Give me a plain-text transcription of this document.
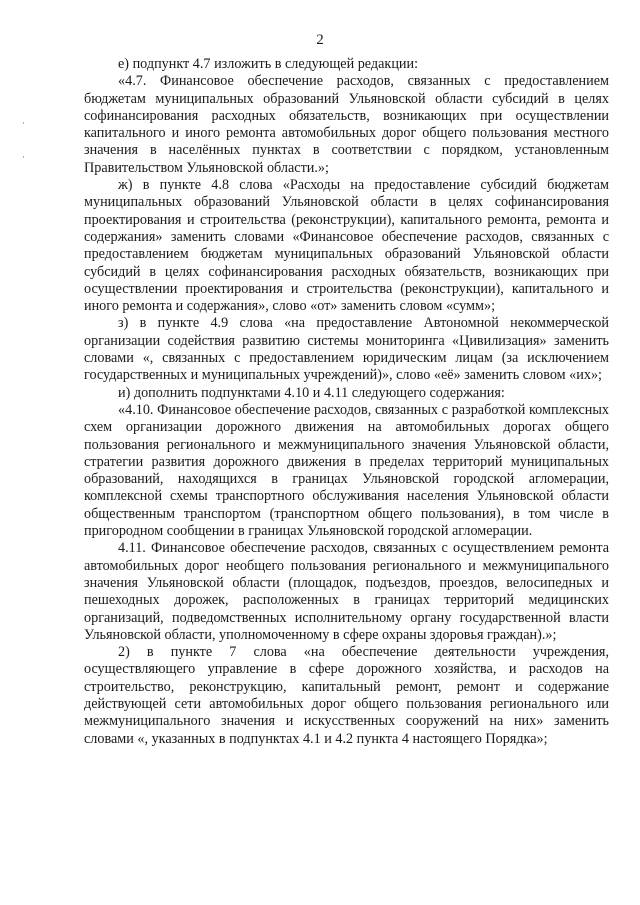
2
·
·

е) подпункт 4.7 изложить в следующей редакции:

«4.7. Финансовое обеспечение расходов, связанных с предоставлением бюджетам муниципальных образований Ульяновской области субсидий в целях софинансирования расходных обязательств, возникающих при осуществлении капитального и иного ремонта автомобильных дорог общего пользования местного значения в населённых пунктах в соответствии с порядком, установленным Правительством Ульяновской области.»;

ж) в пункте 4.8 слова «Расходы на предоставление субсидий бюджетам муниципальных образований Ульяновской области в целях софинансирования проектирования и строительства (реконструкции), капитального ремонта, ремонта и содержания» заменить словами «Финансовое обеспечение расходов, связанных с предоставлением бюджетам муниципальных образований Ульяновской области субсидий в целях софинансирования расходных обязательств, возникающих при осуществлении проектирования и строительства (реконструкции), капитального и иного ремонта и содержания», слово «от» заменить словом «сумм»;

з) в пункте 4.9 слова «на предоставление Автономной некоммерческой организации содействия развитию системы мониторинга «Цивилизация» заменить словами «, связанных с предоставлением юридическим лицам (за исключением государственных и муниципальных учреждений)», слово «её» заменить словом «их»;

и) дополнить подпунктами 4.10 и 4.11 следующего содержания:

«4.10. Финансовое обеспечение расходов, связанных с разработкой комплексных схем организации дорожного движения на автомобильных дорогах общего пользования регионального и межмуниципального значения Ульяновской области, стратегии развития дорожного движения в пределах территорий муниципальных образований, находящихся в границах Ульяновской городской агломерации, комплексной схемы транспортного обслуживания населения Ульяновской области общественным транспортом (транспортном общего пользования), в том числе в пригородном сообщении в границах Ульяновской городской агломерации.

4.11. Финансовое обеспечение расходов, связанных с осуществлением ремонта автомобильных дорог необщего пользования регионального и межмуниципального значения Ульяновской области (площадок, подъездов, проездов, велосипедных и пешеходных дорожек, расположенных в границах территорий медицинских организаций, подведомственных исполнительному органу государственной власти Ульяновской области, уполномоченному в сфере охраны здоровья граждан).»;

2) в пункте 7 слова «на обеспечение деятельности учреждения, осуществляющего управление в сфере дорожного хозяйства, и расходов на строительство, реконструкцию, капитальный ремонт, ремонт и содержание действующей сети автомобильных дорог общего пользования регионального или межмуниципального значения и искусственных сооружений на них» заменить словами «, указанных в подпунктах 4.1 и 4.2 пункта 4 настоящего Порядка»;
